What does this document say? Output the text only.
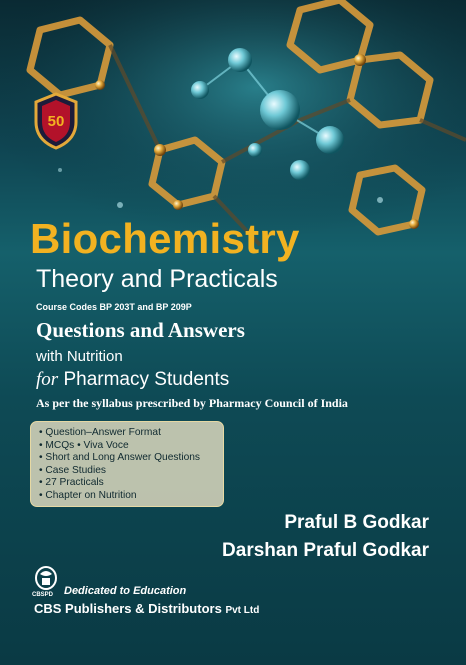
50
Biochemistry
Theory and Practicals
Course Codes BP 203T and BP 209P
Questions and Answers
with Nutrition
for Pharmacy Students
As per the syllabus prescribed by Pharmacy Council of India
• Question–Answer Format
• MCQs • Viva Voce
• Short and Long Answer Questions
• Case Studies
• 27 Practicals
• Chapter on Nutrition
Praful B Godkar
Darshan Praful Godkar
CBSPD Dedicated to Education
CBS Publishers & Distributors Pvt Ltd
